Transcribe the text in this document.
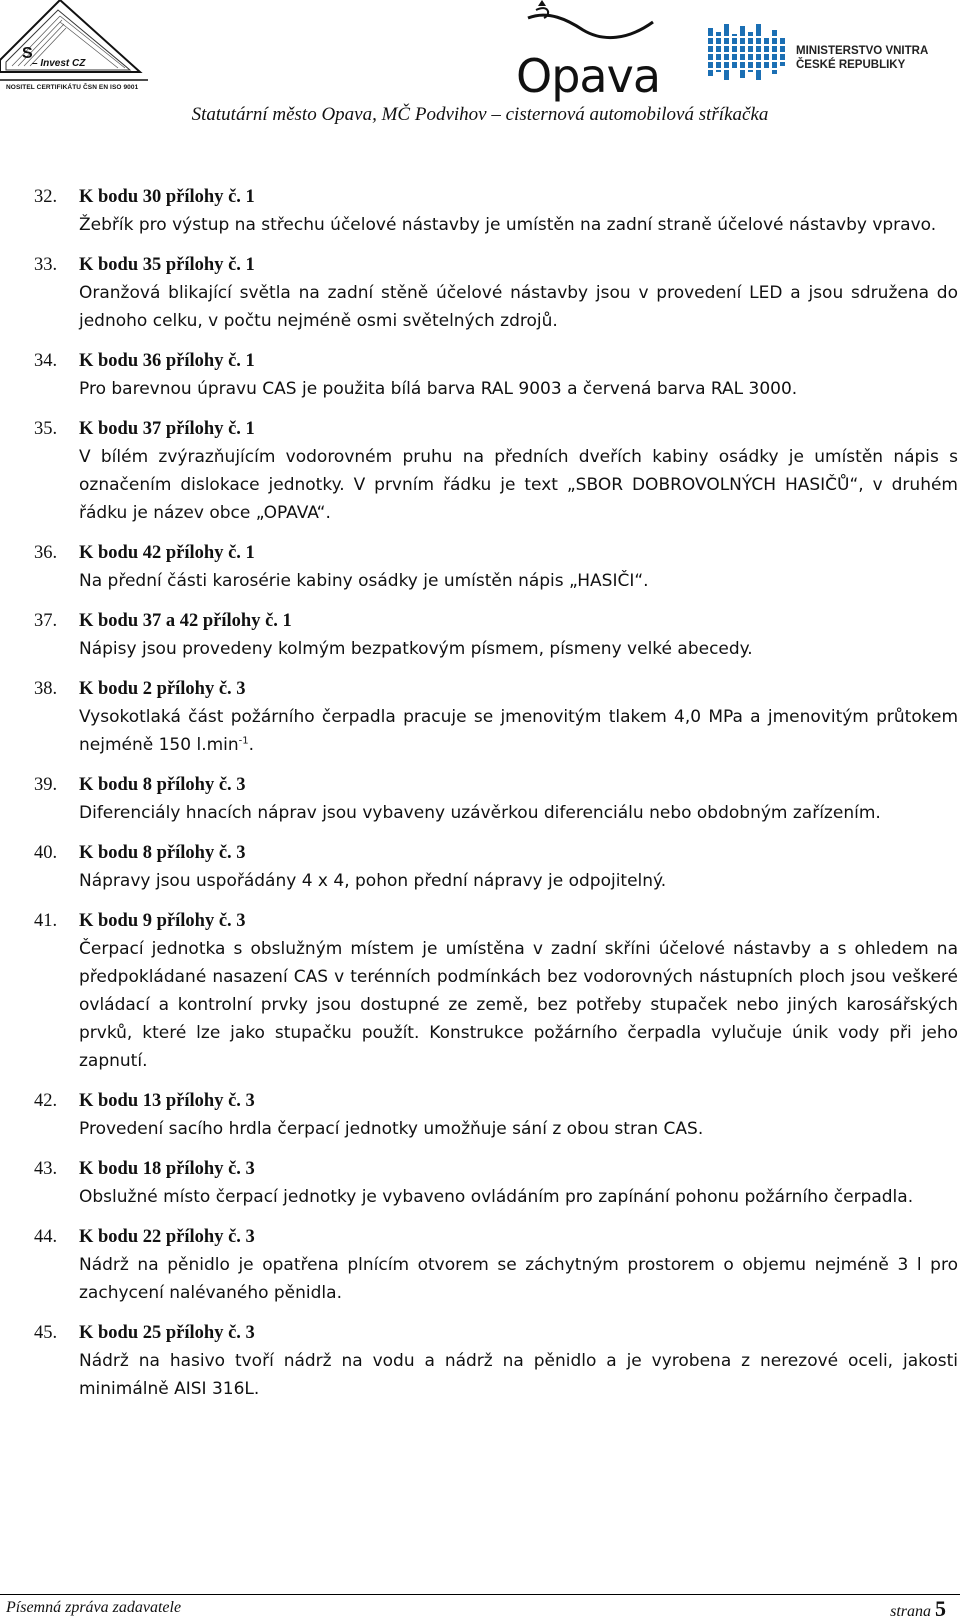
S
– Invest CZ
NOSITEL CERTIFIKÁTU ČSN EN ISO 9001	Opava	MINISTERSTVO VNITRA
ČESKÉ REPUBLIKY
Statutární město Opava, MČ Podvihov – cisternová automobilová stříkačka
32.	K bodu 30 přílohy č. 1
Žebřík pro výstup na střechu účelové nástavby je umístěn na zadní straně účelové nástavby vpravo.
33.	K bodu 35 přílohy č. 1
Oranžová blikající světla na zadní stěně účelové nástavby jsou v provedení LED a jsou sdružena do jednoho celku, v počtu nejméně osmi světelných zdrojů.
34.	K bodu 36 přílohy č. 1
Pro barevnou úpravu CAS je použita bílá barva RAL 9003 a červená barva RAL 3000.
35.	K bodu 37 přílohy č. 1
V bílém zvýrazňujícím vodorovném pruhu na předních dveřích kabiny osádky je umístěn nápis s označením dislokace jednotky. V prvním řádku je text „SBOR DOBROVOLNÝCH HASIČŮ“, v druhém řádku je název obce „OPAVA“.
36.	K bodu 42 přílohy č. 1
Na přední části karosérie kabiny osádky je umístěn nápis „HASIČI“.
37.	K bodu 37 a 42 přílohy č. 1
Nápisy jsou provedeny kolmým bezpatkovým písmem, písmeny velké abecedy.
38.	K bodu 2 přílohy č. 3
Vysokotlaká část požárního čerpadla pracuje se jmenovitým tlakem 4,0 MPa a jmenovitým průtokem nejméně 150 $l.\min^{-1}$.
39.	K bodu 8 přílohy č. 3
Diferenciály hnacích náprav jsou vybaveny uzávěrkou diferenciálu nebo obdobným zařízením.
40.	K bodu 8 přílohy č. 3
Nápravy jsou uspořádány 4 x 4, pohon přední nápravy je odpojitelný.
41.	K bodu 9 přílohy č. 3
Čerpací jednotka s obslužným místem je umístěna v zadní skříni účelové nástavby a s ohledem na předpokládané nasazení CAS v terénních podmínkách bez vodorovných nástupních ploch jsou veškeré ovládací a kontrolní prvky jsou dostupné ze země, bez potřeby stupaček nebo jiných karosářských prvků, které lze jako stupačku použít. Konstrukce požárního čerpadla vylučuje únik vody při jeho zapnutí.
42.	K bodu 13 přílohy č. 3
Provedení sacího hrdla čerpací jednotky umožňuje sání z obou stran CAS.
43.	K bodu 18 přílohy č. 3
Obslužné místo čerpací jednotky je vybaveno ovládáním pro zapínání pohonu požárního čerpadla.
44.	K bodu 22 přílohy č. 3
Nádrž na pěnidlo je opatřena plnícím otvorem se záchytným prostorem o objemu nejméně 3 l pro zachycení nalévaného pěnidla.
45.	K bodu 25 přílohy č. 3
Nádrž na hasivo tvoří nádrž na vodu a nádrž na pěnidlo a je vyrobena z nerezové oceli, jakosti minimálně AISI 316L.
Písemná zpráva zadavatele	strana 5
